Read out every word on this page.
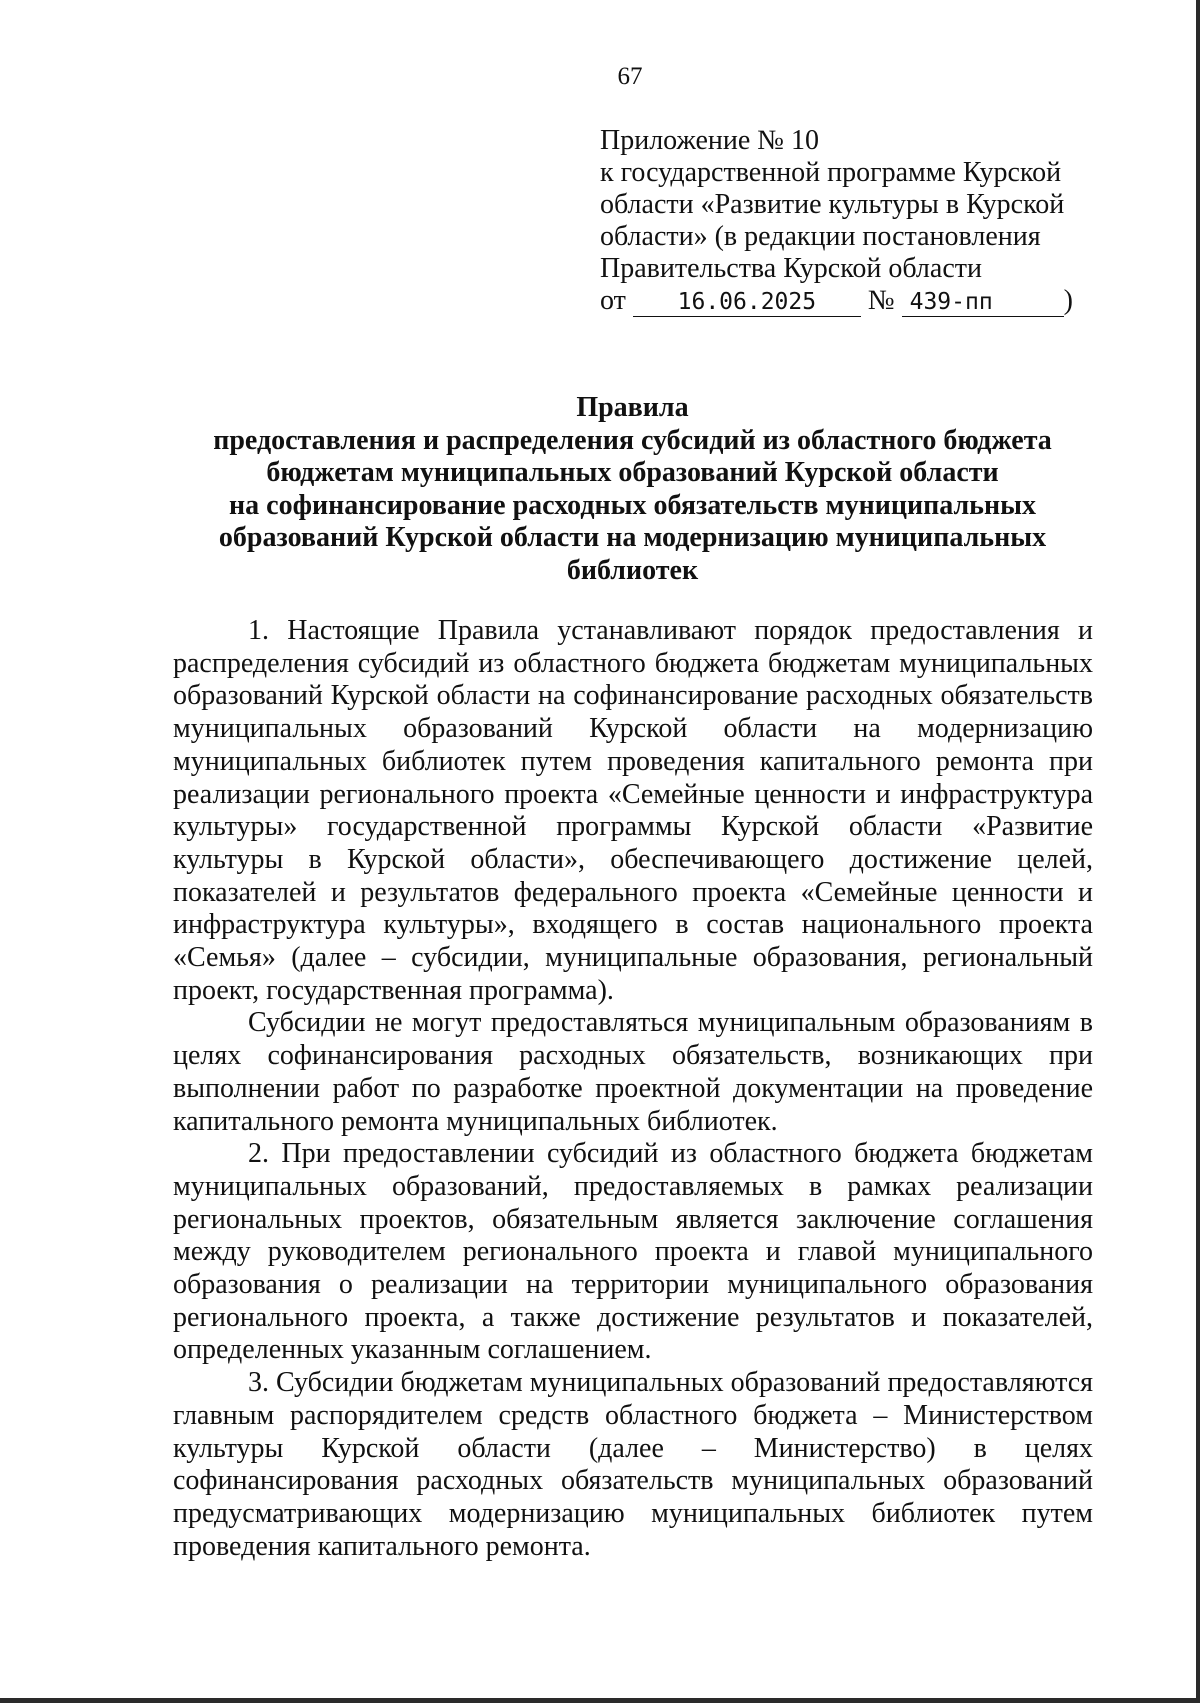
67
Приложение № 10
к государственной программе Курской
области «Развитие культуры в Курской
области» (в редакции постановления
Правительства Курской области
от 16.06.2025 № 439-пп	)
Правила
предоставления и распределения субсидий из областного бюджета
бюджетам муниципальных образований Курской области
на софинансирование расходных обязательств муниципальных
образований Курской области на модернизацию муниципальных
библиотек

1. Настоящие Правила устанавливают порядок предоставления и распределения субсидий из областного бюджета бюджетам муниципальных образований Курской области на софинансирование расходных обязательств муниципальных образований Курской области на модернизацию муниципальных библиотек путем проведения капитального ремонта при реализации регионального проекта «Семейные ценности и инфраструктура культуры» государственной программы Курской области «Развитие культуры в Курской области», обеспечивающего достижение целей, показателей и результатов федерального проекта «Семейные ценности и инфраструктура культуры», входящего в состав национального проекта «Семья» (далее – субсидии, муниципальные образования, региональный проект, государственная программа).

Субсидии не могут предоставляться муниципальным образованиям в целях софинансирования расходных обязательств, возникающих при выполнении работ по разработке проектной документации на проведение капитального ремонта муниципальных библиотек.

2. При предоставлении субсидий из областного бюджета бюджетам муниципальных образований, предоставляемых в рамках реализации региональных проектов, обязательным является заключение соглашения между руководителем регионального проекта и главой муниципального образования о реализации на территории муниципального образования регионального проекта, а также достижение результатов и показателей, определенных указанным соглашением.

3. Субсидии бюджетам муниципальных образований предоставляются главным распорядителем средств областного бюджета – Министерством культуры Курской области (далее – Министерство) в целях софинансирования расходных обязательств муниципальных образований предусматривающих модернизацию муниципальных библиотек путем проведения капитального ремонта.
